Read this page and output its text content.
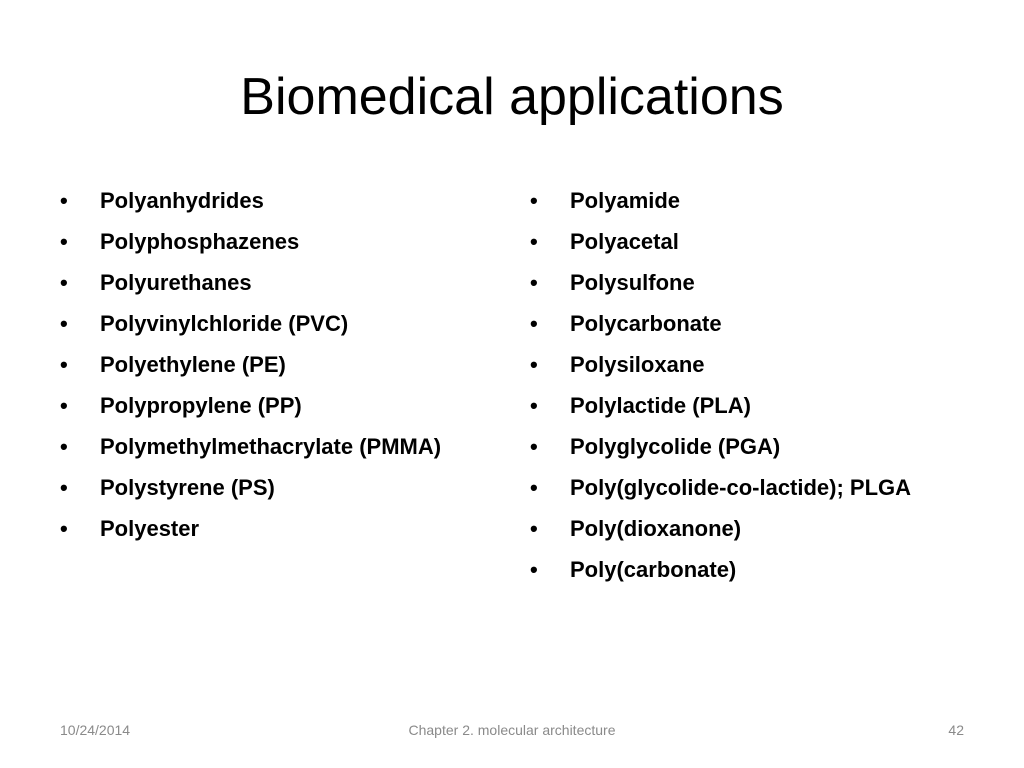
Biomedical applications
• Polyanhydrides
• Polyphosphazenes
• Polyurethanes
• Polyvinylchloride (PVC)
• Polyethylene (PE)
• Polypropylene (PP)
• Polymethylmethacrylate (PMMA)
• Polystyrene (PS)
• Polyester
• Polyamide
• Polyacetal
• Polysulfone
• Polycarbonate
• Polysiloxane
• Polylactide (PLA)
• Polyglycolide (PGA)
• Poly(glycolide-co-lactide); PLGA
• Poly(dioxanone)
• Poly(carbonate)
10/24/2014	Chapter 2. molecular architecture	42
